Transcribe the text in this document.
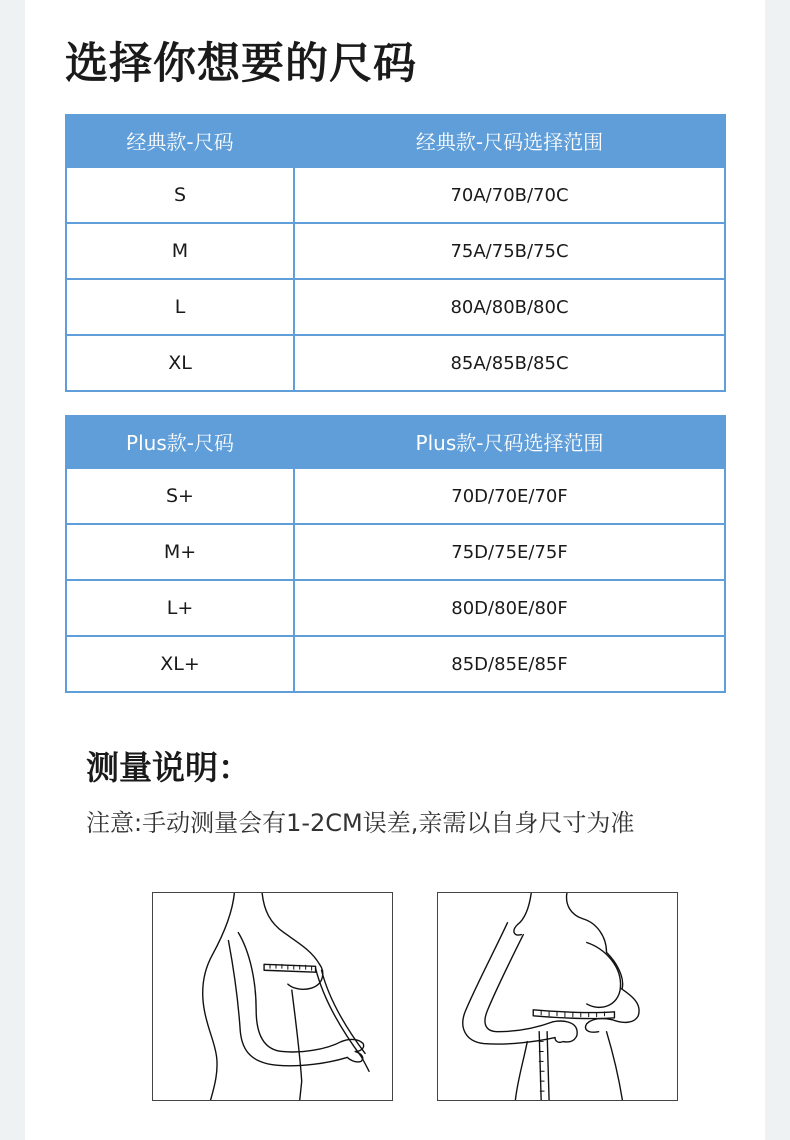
选择你想要的尺码
经典款-尺码	经典款-尺码选择范围
S	70A/70B/70C
M	75A/75B/75C
L	80A/80B/80C
XL	85A/85B/85C
Plus款-尺码	Plus款-尺码选择范围
S+	70D/70E/70F
M+	75D/75E/75F
L+	80D/80E/80F
XL+	85D/85E/85F
测量说明：

注意:手动测量会有1-2CM误差,亲需以自身尺寸为准
